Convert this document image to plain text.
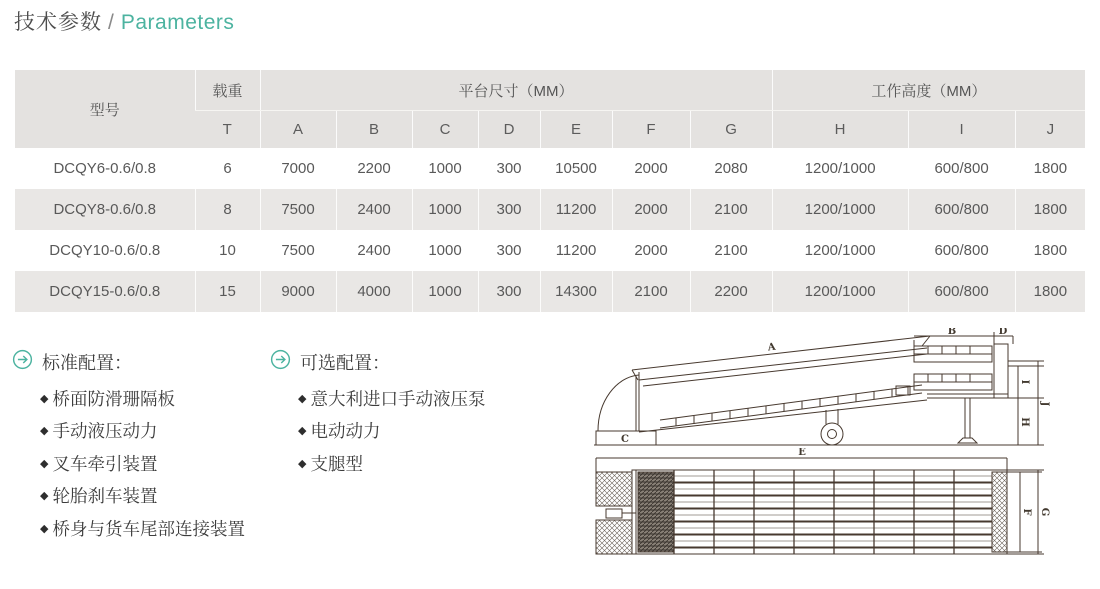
技术参数 / Parameters
型号	载重	平台尺寸（MM）							工作高度（MM）		
	T	A	B	C	D	E	F	G	H	I	J
DCQY6-0.6/0.8	6	7000	2200	1000	300	10500	2000	2080	1200/1000	600/800	1800
DCQY8-0.6/0.8	8	7500	2400	1000	300	11200	2000	2100	1200/1000	600/800	1800
DCQY10-0.6/0.8	10	7500	2400	1000	300	11200	2000	2100	1200/1000	600/800	1800
DCQY15-0.6/0.8	15	9000	4000	1000	300	14300	2100	2200	1200/1000	600/800	1800
标准配置：
◆ 桥面防滑珊隔板
◆ 手动液压动力
◆ 叉车牵引装置
◆ 轮胎刹车装置
◆ 桥身与货车尾部连接装置
可选配置：
◆ 意大利进口手动液压泵
◆ 电动动力
◆ 支腿型
A
B	D
C
I
H
J
E
F G
